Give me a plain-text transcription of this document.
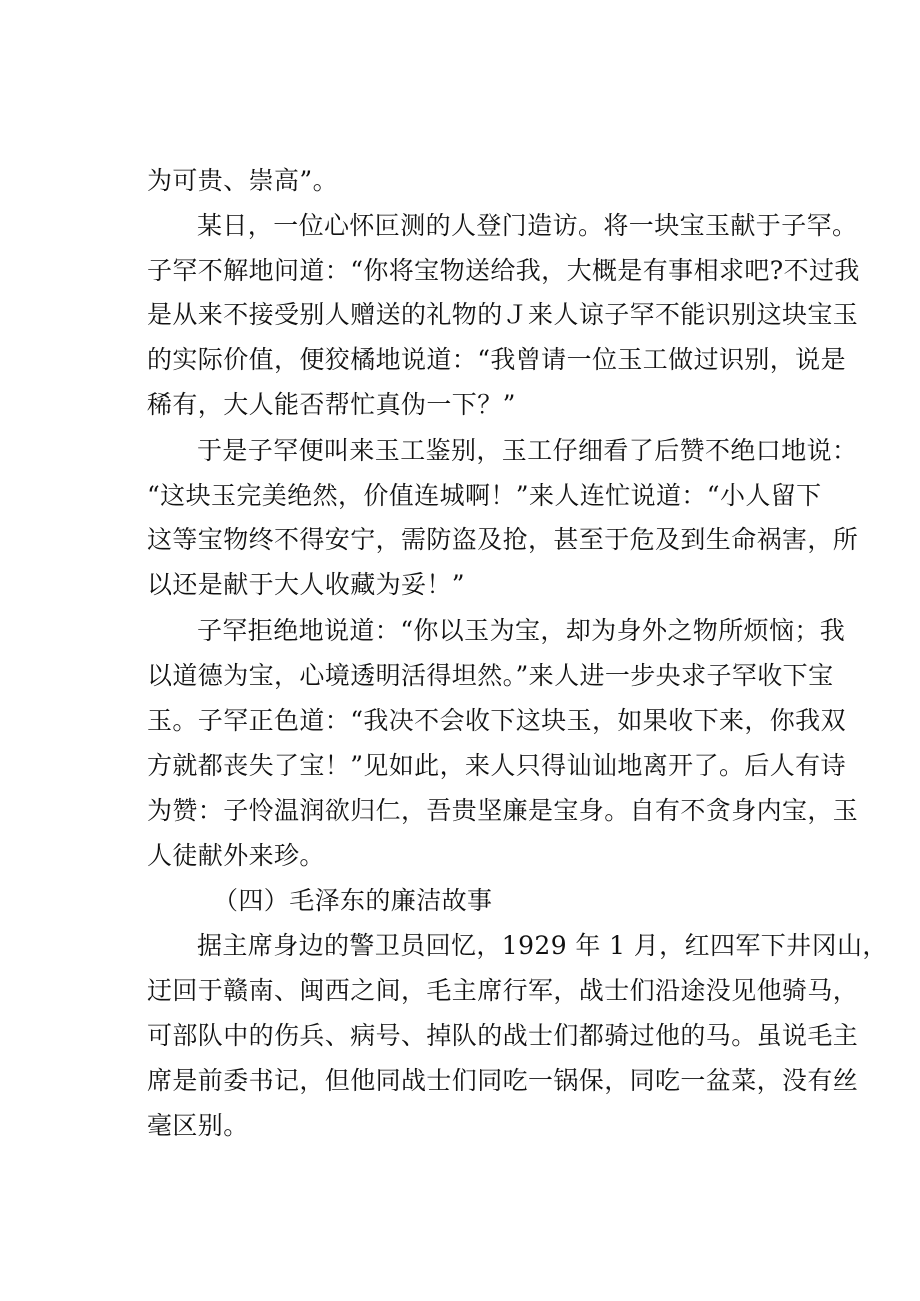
为可贵、崇高”。
某日，一位心怀叵测的人登门造访。将一块宝玉献于子罕。
子罕不解地问道：“你将宝物送给我，大概是有事相求吧?不过我
是从来不接受别人赠送的礼物的Ｊ来人谅子罕不能识别这块宝玉
的实际价值，便狡橘地说道：“我曾请一位玉工做过识别，说是
稀有，大人能否帮忙真伪一下？”
于是子罕便叫来玉工鉴别，玉工仔细看了后赞不绝口地说：
“这块玉完美绝然，价值连城啊！”来人连忙说道：“小人留下
这等宝物终不得安宁，需防盗及抢，甚至于危及到生命祸害，所
以还是献于大人收藏为妥！”
子罕拒绝地说道：“你以玉为宝，却为身外之物所烦恼；我
以道德为宝，心境透明活得坦然。”来人进一步央求子罕收下宝
玉。子罕正色道：“我决不会收下这块玉，如果收下来，你我双
方就都丧失了宝！”见如此，来人只得讪讪地离开了。后人有诗
为赞：子怜温润欲归仁，吾贵坚廉是宝身。自有不贪身内宝，玉
人徒献外来珍。
（四）毛泽东的廉洁故事
据主席身边的警卫员回忆，1929 年 1 月，红四军下井冈山，
迂回于赣南、闽西之间，毛主席行军，战士们沿途没见他骑马，
可部队中的伤兵、病号、掉队的战士们都骑过他的马。虽说毛主
席是前委书记，但他同战士们同吃一锅保，同吃一盆菜，没有丝
毫区别。
